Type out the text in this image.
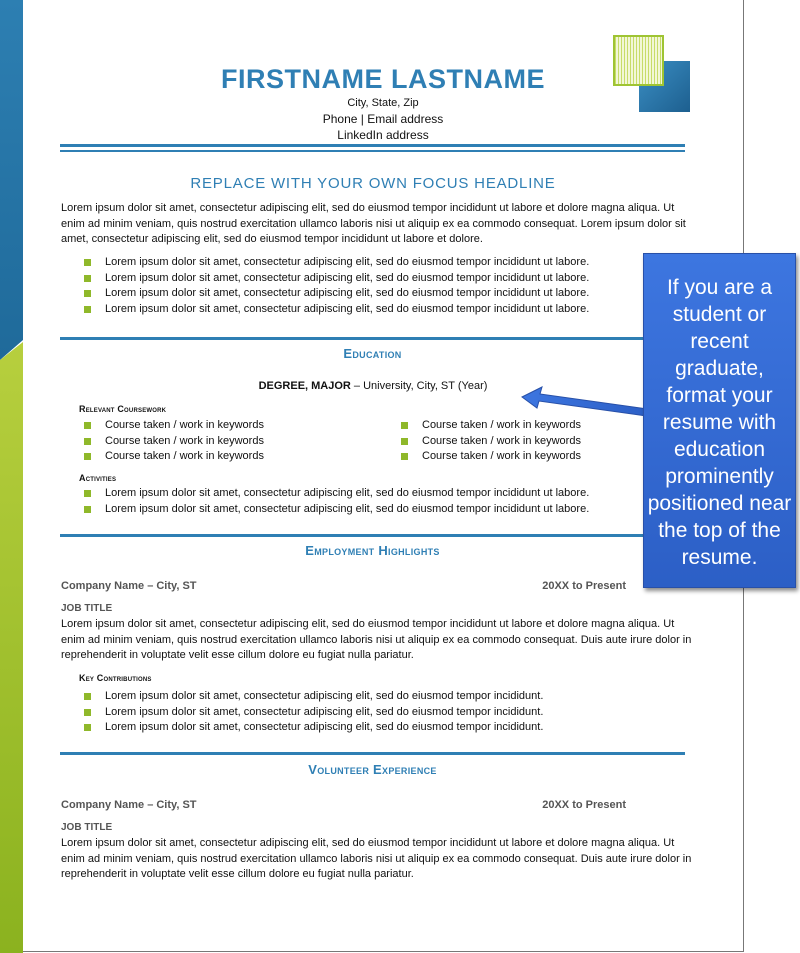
FIRSTNAME LASTNAME
City, State, Zip
Phone | Email address
LinkedIn address
REPLACE WITH YOUR OWN FOCUS HEADLINE
Lorem ipsum dolor sit amet, consectetur adipiscing elit, sed do eiusmod tempor incididunt ut labore et dolore magna aliqua. Ut enim ad minim veniam, quis nostrud exercitation ullamco laboris nisi ut aliquip ex ea commodo consequat. Lorem ipsum dolor sit amet, consectetur adipiscing elit, sed do eiusmod tempor incididunt ut labore et dolore.
Lorem ipsum dolor sit amet, consectetur adipiscing elit, sed do eiusmod tempor incididunt ut labore.
Lorem ipsum dolor sit amet, consectetur adipiscing elit, sed do eiusmod tempor incididunt ut labore.
Lorem ipsum dolor sit amet, consectetur adipiscing elit, sed do eiusmod tempor incididunt ut labore.
Lorem ipsum dolor sit amet, consectetur adipiscing elit, sed do eiusmod tempor incididunt ut labore.
Education
DEGREE, MAJOR – University, City, ST (Year)
Relevant Coursework
Course taken / work in keywords
Course taken / work in keywords
Course taken / work in keywords
Course taken / work in keywords
Course taken / work in keywords
Course taken / work in keywords
Activities
Lorem ipsum dolor sit amet, consectetur adipiscing elit, sed do eiusmod tempor incididunt ut labore.
Lorem ipsum dolor sit amet, consectetur adipiscing elit, sed do eiusmod tempor incididunt ut labore.
Employment Highlights
Company Name – City, ST	20XX to Present
JOB TITLE
Lorem ipsum dolor sit amet, consectetur adipiscing elit, sed do eiusmod tempor incididunt ut labore et dolore magna aliqua. Ut enim ad minim veniam, quis nostrud exercitation ullamco laboris nisi ut aliquip ex ea commodo consequat. Duis aute irure dolor in reprehenderit in voluptate velit esse cillum dolore eu fugiat nulla pariatur.
Key Contributions
Lorem ipsum dolor sit amet, consectetur adipiscing elit, sed do eiusmod tempor incididunt.
Lorem ipsum dolor sit amet, consectetur adipiscing elit, sed do eiusmod tempor incididunt.
Lorem ipsum dolor sit amet, consectetur adipiscing elit, sed do eiusmod tempor incididunt.
Volunteer Experience
Company Name – City, ST	20XX to Present
JOB TITLE
Lorem ipsum dolor sit amet, consectetur adipiscing elit, sed do eiusmod tempor incididunt ut labore et dolore magna aliqua. Ut enim ad minim veniam, quis nostrud exercitation ullamco laboris nisi ut aliquip ex ea commodo consequat. Duis aute irure dolor in reprehenderit in voluptate velit esse cillum dolore eu fugiat nulla pariatur.
If you are a student or recent graduate, format your resume with education prominently positioned near the top of the resume.
